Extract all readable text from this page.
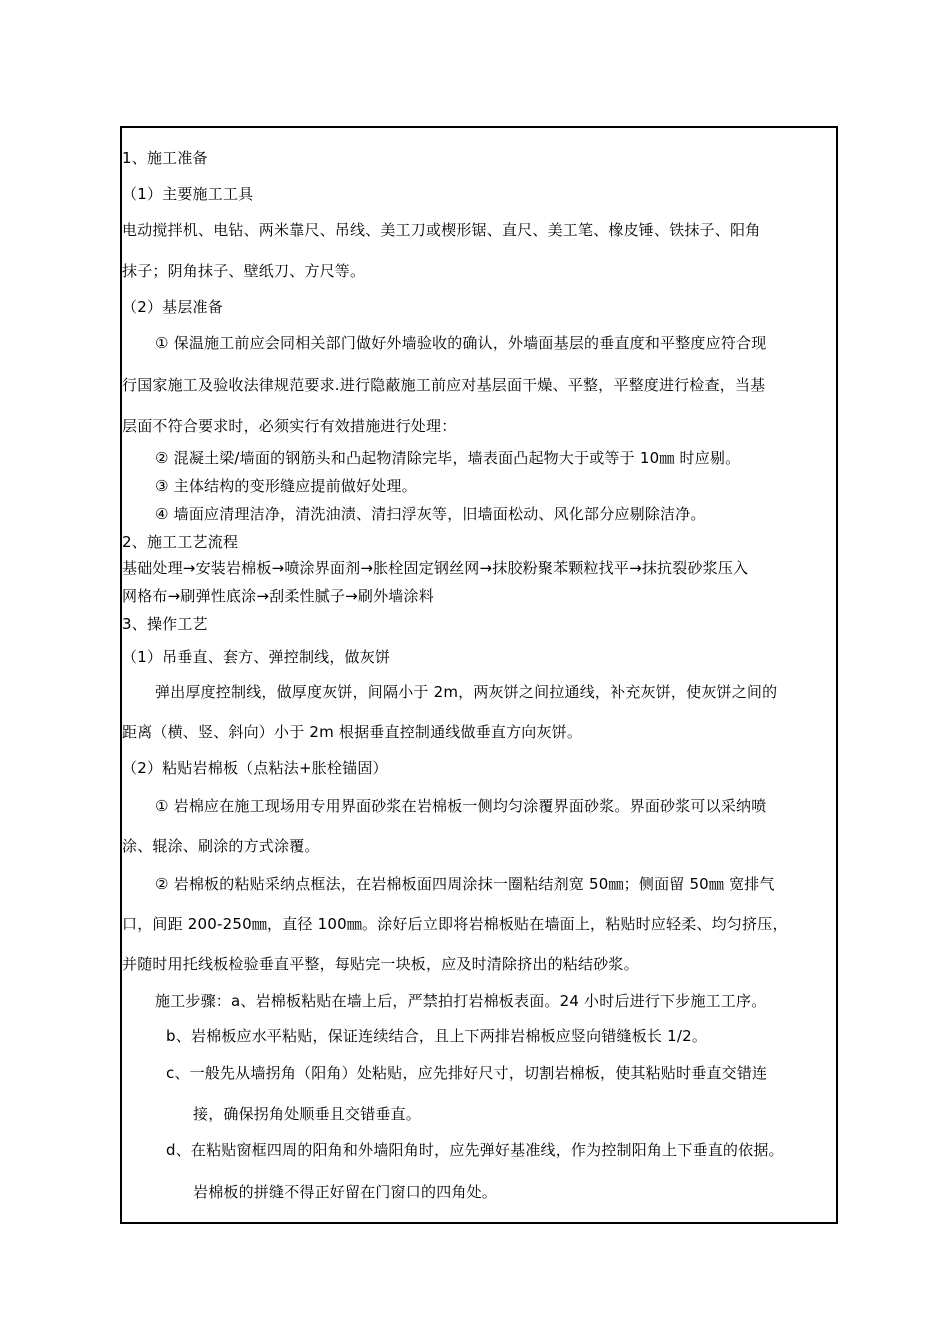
1、施工准备
（1）主要施工工具
电动搅拌机、电钻、两米靠尺、吊线、美工刀或楔形锯、直尺、美工笔、橡皮锤、铁抹子、阳角
抹子；阴角抹子、壁纸刀、方尺等。
（2）基层准备
① 保温施工前应会同相关部门做好外墙验收的确认，外墙面基层的垂直度和平整度应符合现
行国家施工及验收法律规范要求.进行隐蔽施工前应对基层面干燥、平整，平整度进行检查，当基
层面不符合要求时，必须实行有效措施进行处理：
② 混凝土梁/墙面的钢筋头和凸起物清除完毕，墙表面凸起物大于或等于 10㎜ 时应剔。
③ 主体结构的变形缝应提前做好处理。
④ 墙面应清理洁净，清洗油渍、清扫浮灰等，旧墙面松动、风化部分应剔除洁净。
2、施工工艺流程
基础处理→安装岩棉板→喷涂界面剂→胀栓固定钢丝网→抹胶粉聚苯颗粒找平→抹抗裂砂浆压入
网格布→刷弹性底涂→刮柔性腻子→刷外墙涂料
3、操作工艺
（1）吊垂直、套方、弹控制线，做灰饼
弹出厚度控制线，做厚度灰饼，间隔小于 2m，两灰饼之间拉通线，补充灰饼，使灰饼之间的
距离（横、竖、斜向）小于 2m 根据垂直控制通线做垂直方向灰饼。
（2）粘贴岩棉板（点粘法+胀栓锚固）
① 岩棉应在施工现场用专用界面砂浆在岩棉板一侧均匀涂覆界面砂浆。界面砂浆可以采纳喷
涂、辊涂、刷涂的方式涂覆。
② 岩棉板的粘贴采纳点框法，在岩棉板面四周涂抹一圈粘结剂宽 50㎜；侧面留 50㎜ 宽排气
口，间距 200-250㎜，直径 100㎜。涂好后立即将岩棉板贴在墙面上，粘贴时应轻柔、均匀挤压，
并随时用托线板检验垂直平整，每贴完一块板，应及时清除挤出的粘结砂浆。
施工步骤：a、岩棉板粘贴在墙上后，严禁拍打岩棉板表面。24 小时后进行下步施工工序。
b、岩棉板应水平粘贴，保证连续结合，且上下两排岩棉板应竖向错缝板长 1/2。
c、一般先从墙拐角（阳角）处粘贴，应先排好尺寸，切割岩棉板，使其粘贴时垂直交错连
接，确保拐角处顺垂且交错垂直。
d、在粘贴窗框四周的阳角和外墙阳角时，应先弹好基准线，作为控制阳角上下垂直的依据。
岩棉板的拼缝不得正好留在门窗口的四角处。
